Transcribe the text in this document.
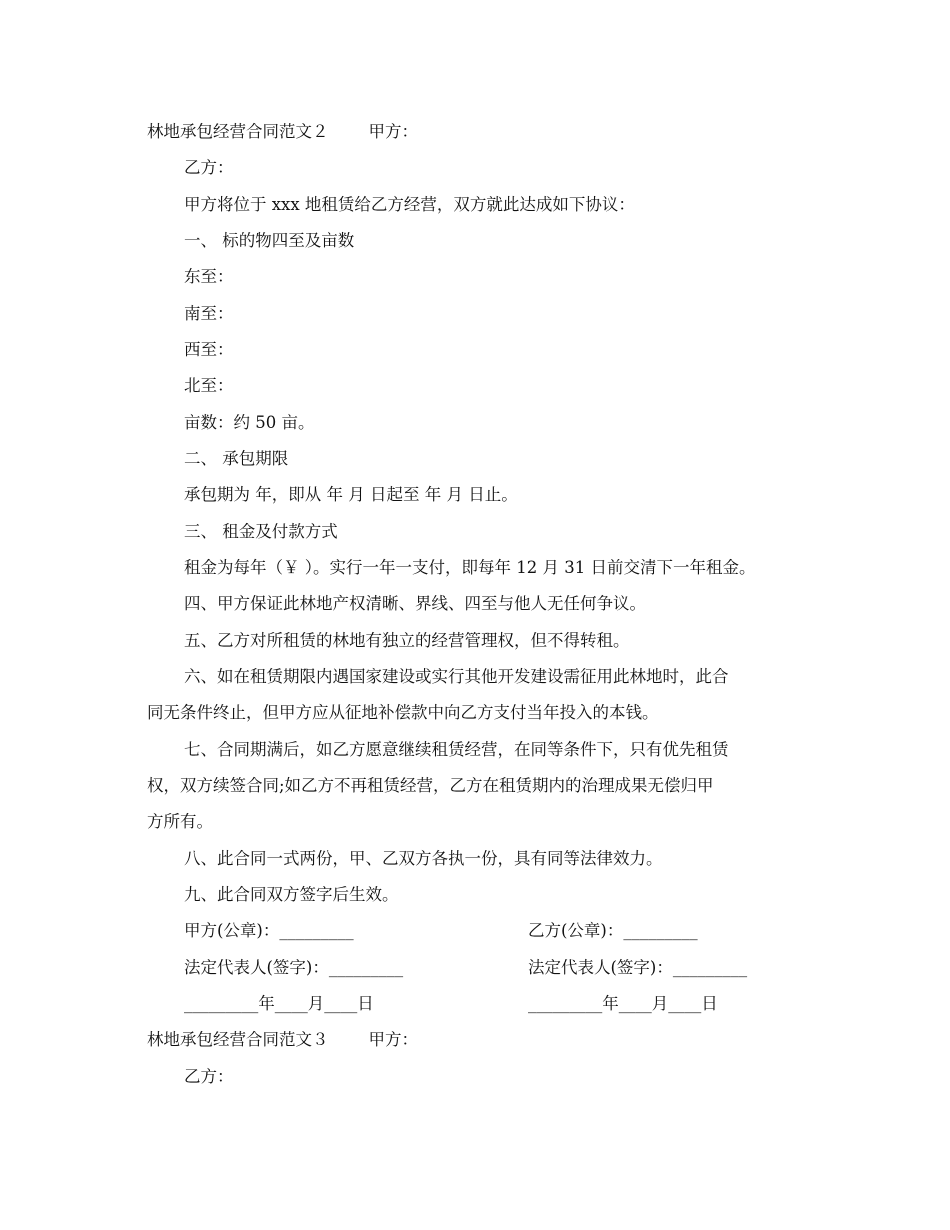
林地承包经营合同范文２ 甲方：
乙方：
甲方将位于 xxx 地租赁给乙方经营，双方就此达成如下协议：
一、 标的物四至及亩数
东至：
南至：
西至：
北至：
亩数：约 50 亩。
二、 承包期限
承包期为 年，即从 年 月 日起至 年 月 日止。
三、 租金及付款方式
租金为每年（￥ ）。实行一年一支付，即每年 12 月 31 日前交清下一年租金。
四、甲方保证此林地产权清晰、界线、四至与他人无任何争议。
五、乙方对所租赁的林地有独立的经营管理权，但不得转租。
六、如在租赁期限内遇国家建设或实行其他开发建设需征用此林地时，此合
同无条件终止，但甲方应从征地补偿款中向乙方支付当年投入的本钱。
七、合同期满后，如乙方愿意继续租赁经营，在同等条件下，只有优先租赁
权，双方续签合同;如乙方不再租赁经营，乙方在租赁期内的治理成果无偿归甲
方所有。
八、此合同一式两份，甲、乙双方各执一份，具有同等法律效力。
九、此合同双方签字后生效。
甲方(公章)：_________	乙方(公章)：_________
法定代表人(签字)：_________	法定代表人(签字)：_________
_________年____月____日	_________年____月____日
林地承包经营合同范文３ 甲方：
乙方：
